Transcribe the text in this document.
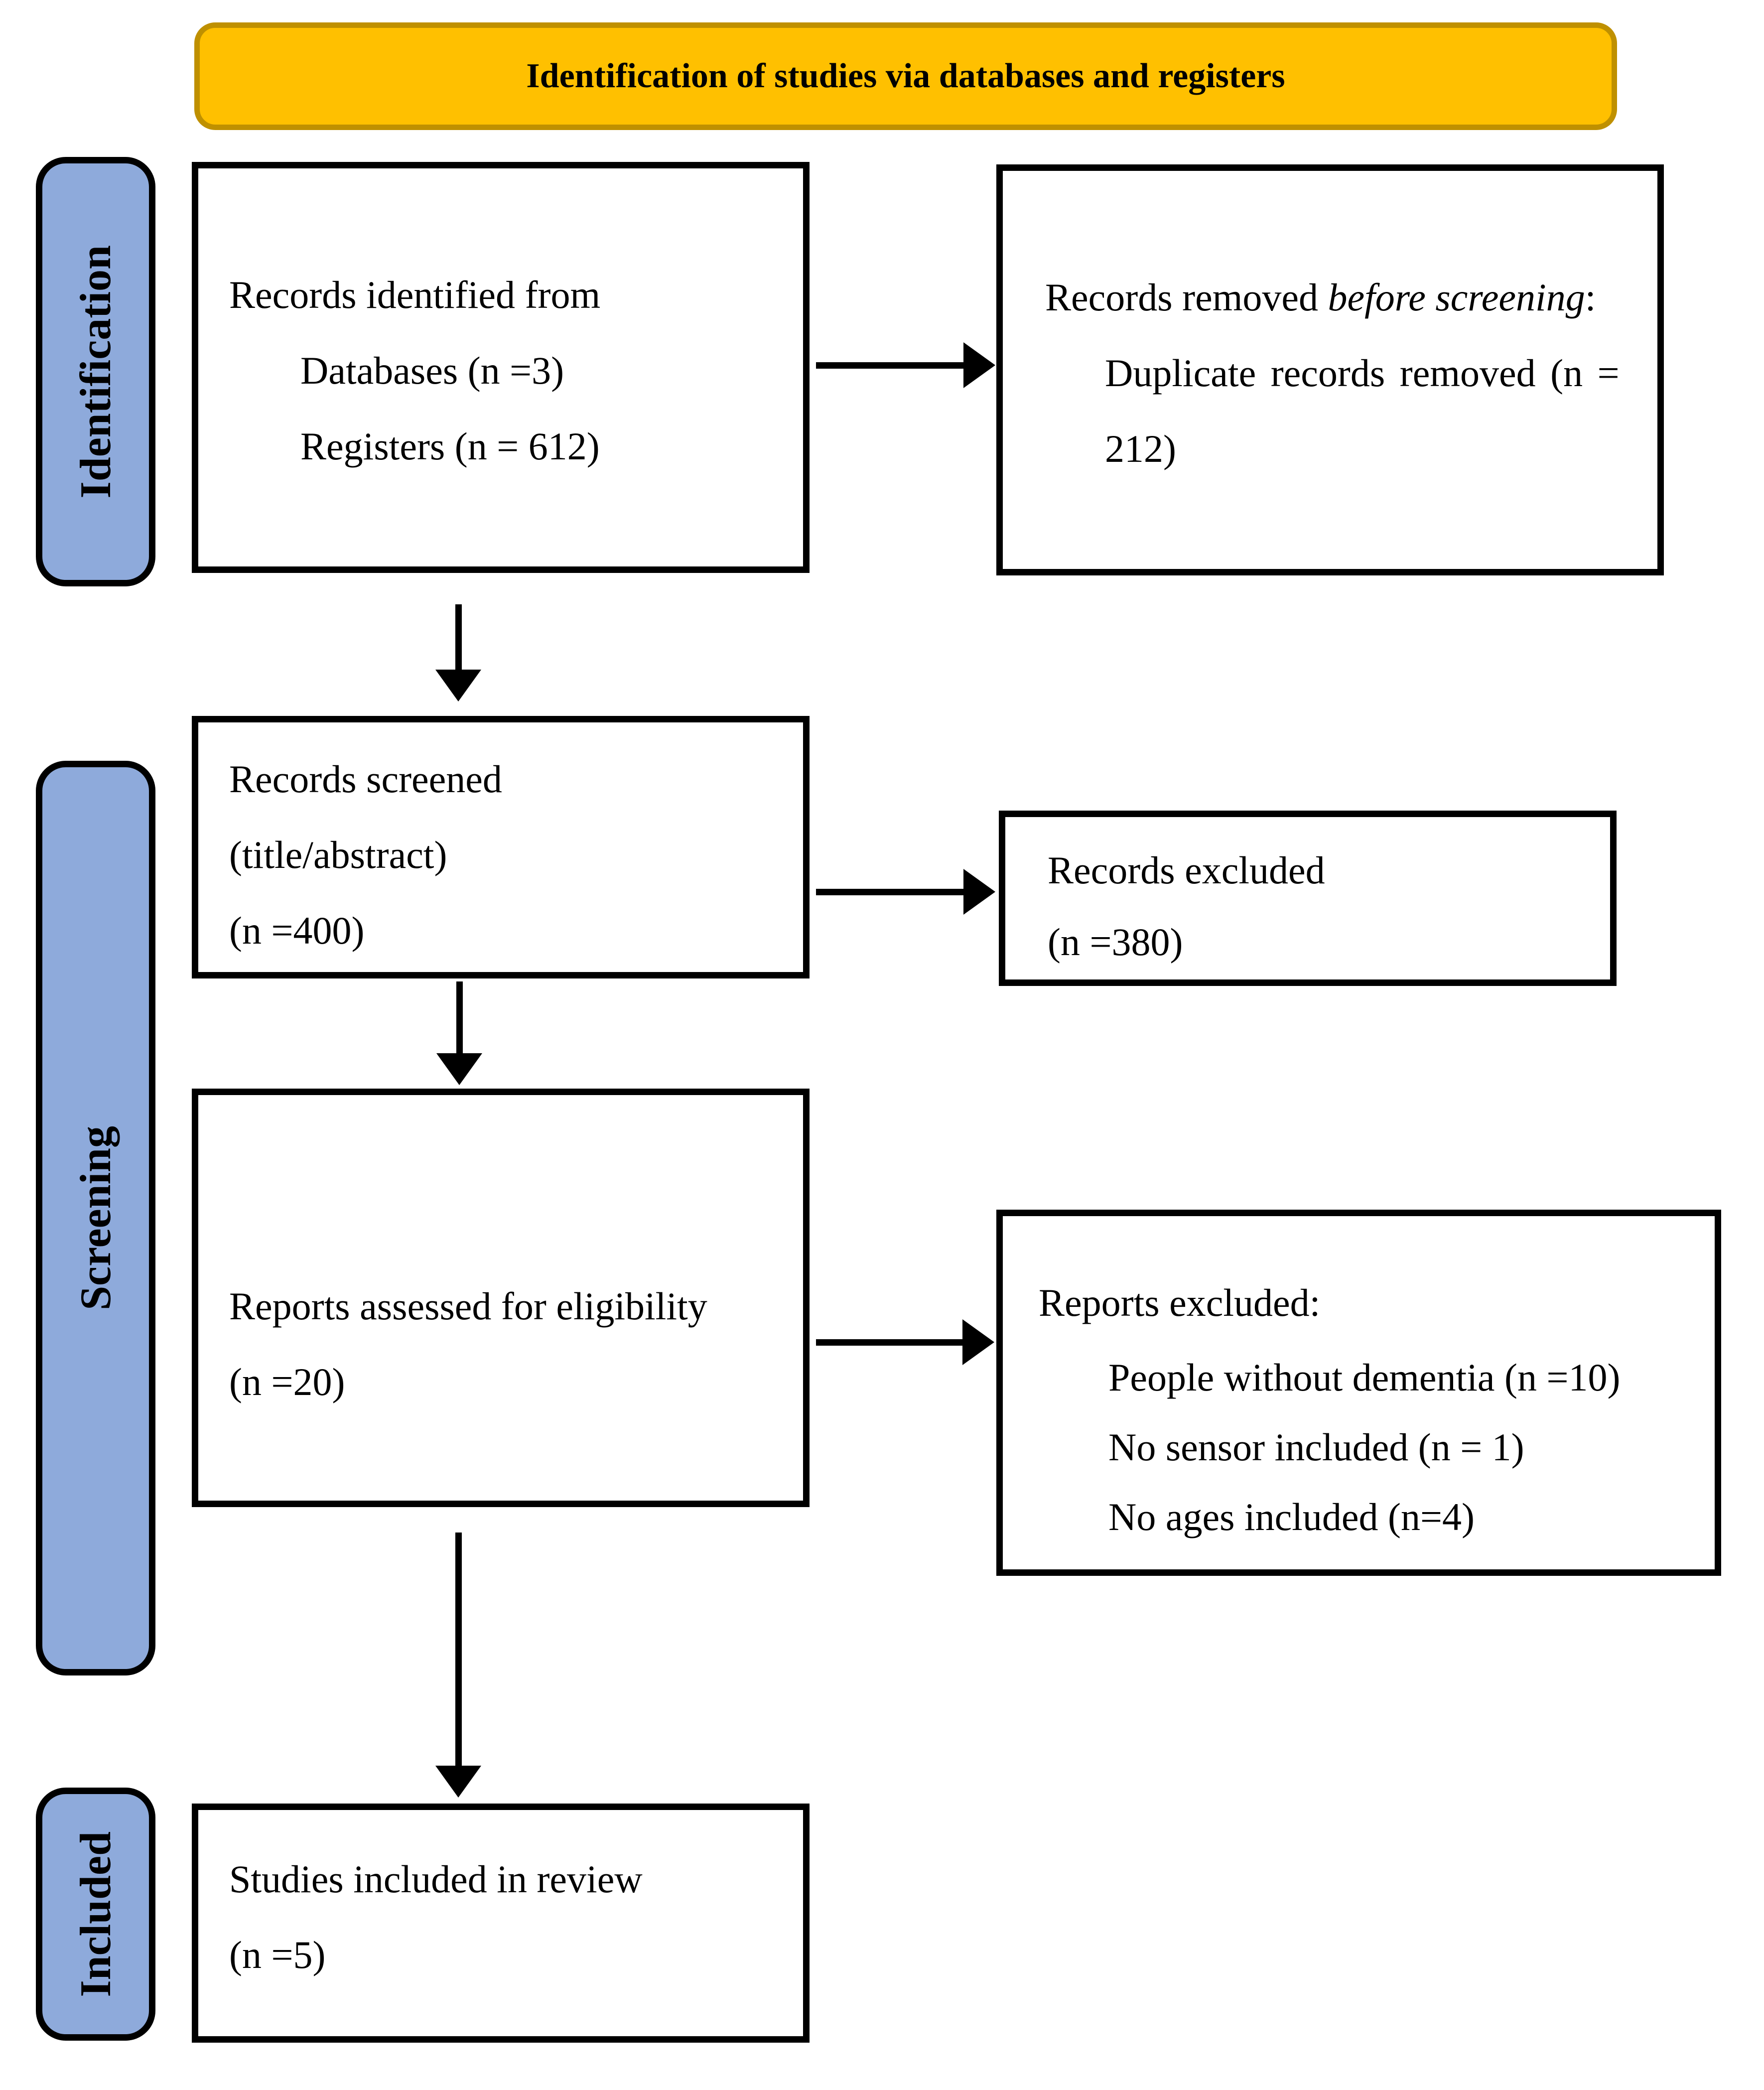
Identification of studies via databases and registers
Identification
Screening
Included
Records identified from
Databases (n =3)
Registers (n = 612)
Records removed before screening:
Duplicate records removed (n =
212)
Records screened
(title/abstract)
(n =400)
Records excluded
(n =380)
Reports assessed for eligibility
(n =20)
Reports excluded:
People without dementia (n =10)
No sensor included (n = 1)
No ages included (n=4)
Studies included in review
(n =5)
